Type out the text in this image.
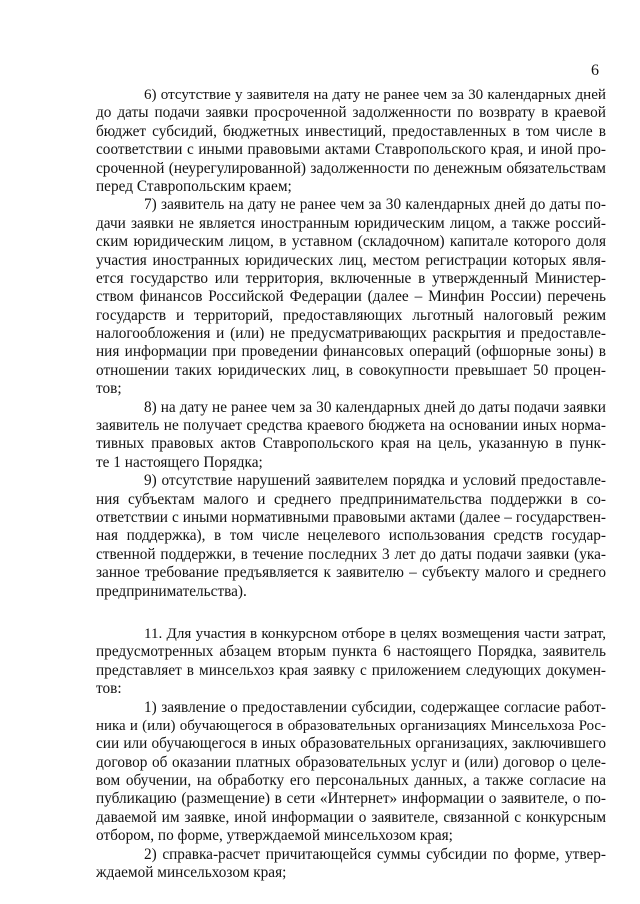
6
6) отсутствие у заявителя на дату не ранее чем за 30 календарных дней
до даты подачи заявки просроченной задолженности по возврату в краевой
бюджет субсидий, бюджетных инвестиций, предоставленных в том числе в
соответствии с иными правовыми актами Ставропольского края, и иной про-
сроченной (неурегулированной) задолженности по денежным обязательствам
перед Ставропольским краем;
7) заявитель на дату не ранее чем за 30 календарных дней до даты по-
дачи заявки не является иностранным юридическим лицом, а также россий-
ским юридическим лицом, в уставном (складочном) капитале которого доля
участия иностранных юридических лиц, местом регистрации которых явля-
ется государство или территория, включенные в утвержденный Министер-
ством финансов Российской Федерации (далее – Минфин России) перечень
государств и территорий, предоставляющих льготный налоговый режим
налогообложения и (или) не предусматривающих раскрытия и предоставле-
ния информации при проведении финансовых операций (офшорные зоны) в
отношении таких юридических лиц, в совокупности превышает 50 процен-
тов;
8) на дату не ранее чем за 30 календарных дней до даты подачи заявки
заявитель не получает средства краевого бюджета на основании иных норма-
тивных правовых актов Ставропольского края на цель, указанную в пунк-
те 1 настоящего Порядка;
9) отсутствие нарушений заявителем порядка и условий предоставле-
ния субъектам малого и среднего предпринимательства поддержки в со-
ответствии с иными нормативными правовыми актами (далее – государствен-
ная поддержка), в том числе нецелевого использования средств государ-
ственной поддержки, в течение последних 3 лет до даты подачи заявки (ука-
занное требование предъявляется к заявителю – субъекту малого и среднего
предпринимательства).
11. Для участия в конкурсном отборе в целях возмещения части затрат,
предусмотренных абзацем вторым пункта 6 настоящего Порядка, заявитель
представляет в минсельхоз края заявку с приложением следующих докумен-
тов:
1) заявление о предоставлении субсидии, содержащее согласие работ-
ника и (или) обучающегося в образовательных организациях Минсельхоза Рос-
сии или обучающегося в иных образовательных организациях, заключившего
договор об оказании платных образовательных услуг и (или) договор о целе-
вом обучении, на обработку его персональных данных, а также согласие на
публикацию (размещение) в сети «Интернет» информации о заявителе, о по-
даваемой им заявке, иной информации о заявителе, связанной с конкурсным
отбором, по форме, утверждаемой минсельхозом края;
2) справка-расчет причитающейся суммы субсидии по форме, утвер-
ждаемой минсельхозом края;
